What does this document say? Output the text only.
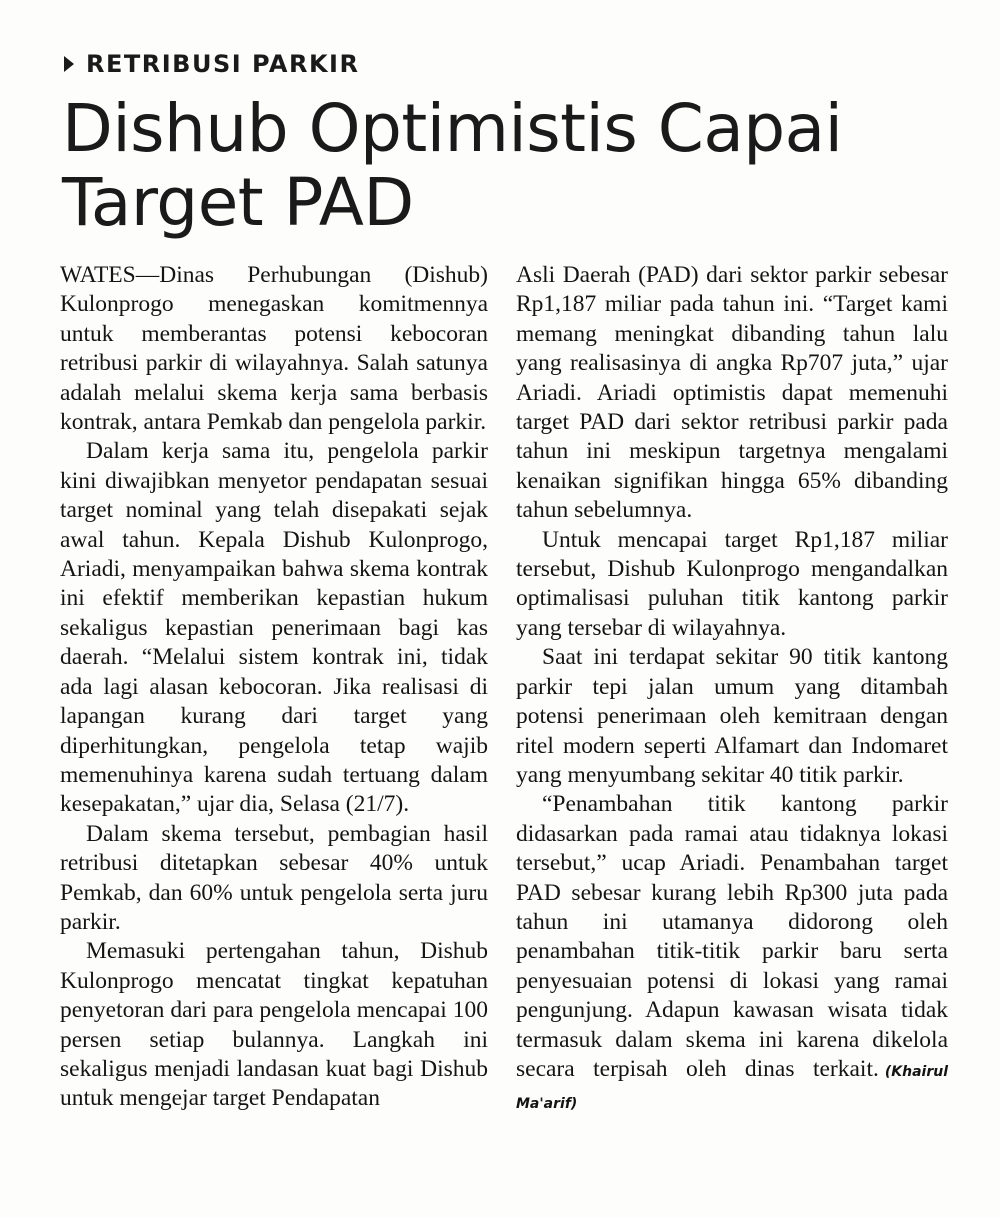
RETRIBUSI PARKIR
Dishub Optimistis Capai Target PAD

WATES—Dinas Perhubungan (Dishub) Kulonprogo menegaskan komitmennya untuk memberantas potensi kebocoran retribusi parkir di wilayahnya. Salah satunya adalah melalui skema kerja sama berbasis kontrak, antara Pemkab dan pengelola parkir.

Dalam kerja sama itu, pengelola parkir kini diwajibkan menyetor pendapatan sesuai target nominal yang telah disepakati sejak awal tahun. Kepala Dishub Kulonprogo, Ariadi, menyampaikan bahwa skema kontrak ini efektif memberikan kepastian hukum sekaligus kepastian penerimaan bagi kas daerah. “Melalui sistem kontrak ini, tidak ada lagi alasan kebocoran. Jika realisasi di lapangan kurang dari target yang diperhitungkan, pengelola tetap wajib memenuhinya karena sudah tertuang dalam kesepakatan,” ujar dia, Selasa (21/7).

Dalam skema tersebut, pembagian hasil retribusi ditetapkan sebesar 40% untuk Pemkab, dan 60% untuk pengelola serta juru parkir.

Memasuki pertengahan tahun, Dishub Kulonprogo mencatat tingkat kepatuhan penyetoran dari para pengelola mencapai 100 persen setiap bulannya. Langkah ini sekaligus menjadi landasan kuat bagi Dishub untuk mengejar target Pendapatan

Asli Daerah (PAD) dari sektor parkir sebesar Rp1,187 miliar pada tahun ini. “Target kami memang meningkat dibanding tahun lalu yang realisasinya di angka Rp707 juta,” ujar Ariadi. Ariadi optimistis dapat memenuhi target PAD dari sektor retribusi parkir pada tahun ini meskipun targetnya mengalami kenaikan signifikan hingga 65% dibanding tahun sebelumnya.

Untuk mencapai target Rp1,187 miliar tersebut, Dishub Kulonprogo mengandalkan optimalisasi puluhan titik kantong parkir yang tersebar di wilayahnya.

Saat ini terdapat sekitar 90 titik kantong parkir tepi jalan umum yang ditambah potensi penerimaan oleh kemitraan dengan ritel modern seperti Alfamart dan Indomaret yang menyumbang sekitar 40 titik parkir.

“Penambahan titik kantong parkir didasarkan pada ramai atau tidaknya lokasi tersebut,” ucap Ariadi. Penambahan target PAD sebesar kurang lebih Rp300 juta pada tahun ini utamanya didorong oleh penambahan titik-titik parkir baru serta penyesuaian potensi di lokasi yang ramai pengunjung. Adapun kawasan wisata tidak termasuk dalam skema ini karena dikelola secara terpisah oleh dinas terkait. (Khairul Ma'arif)
